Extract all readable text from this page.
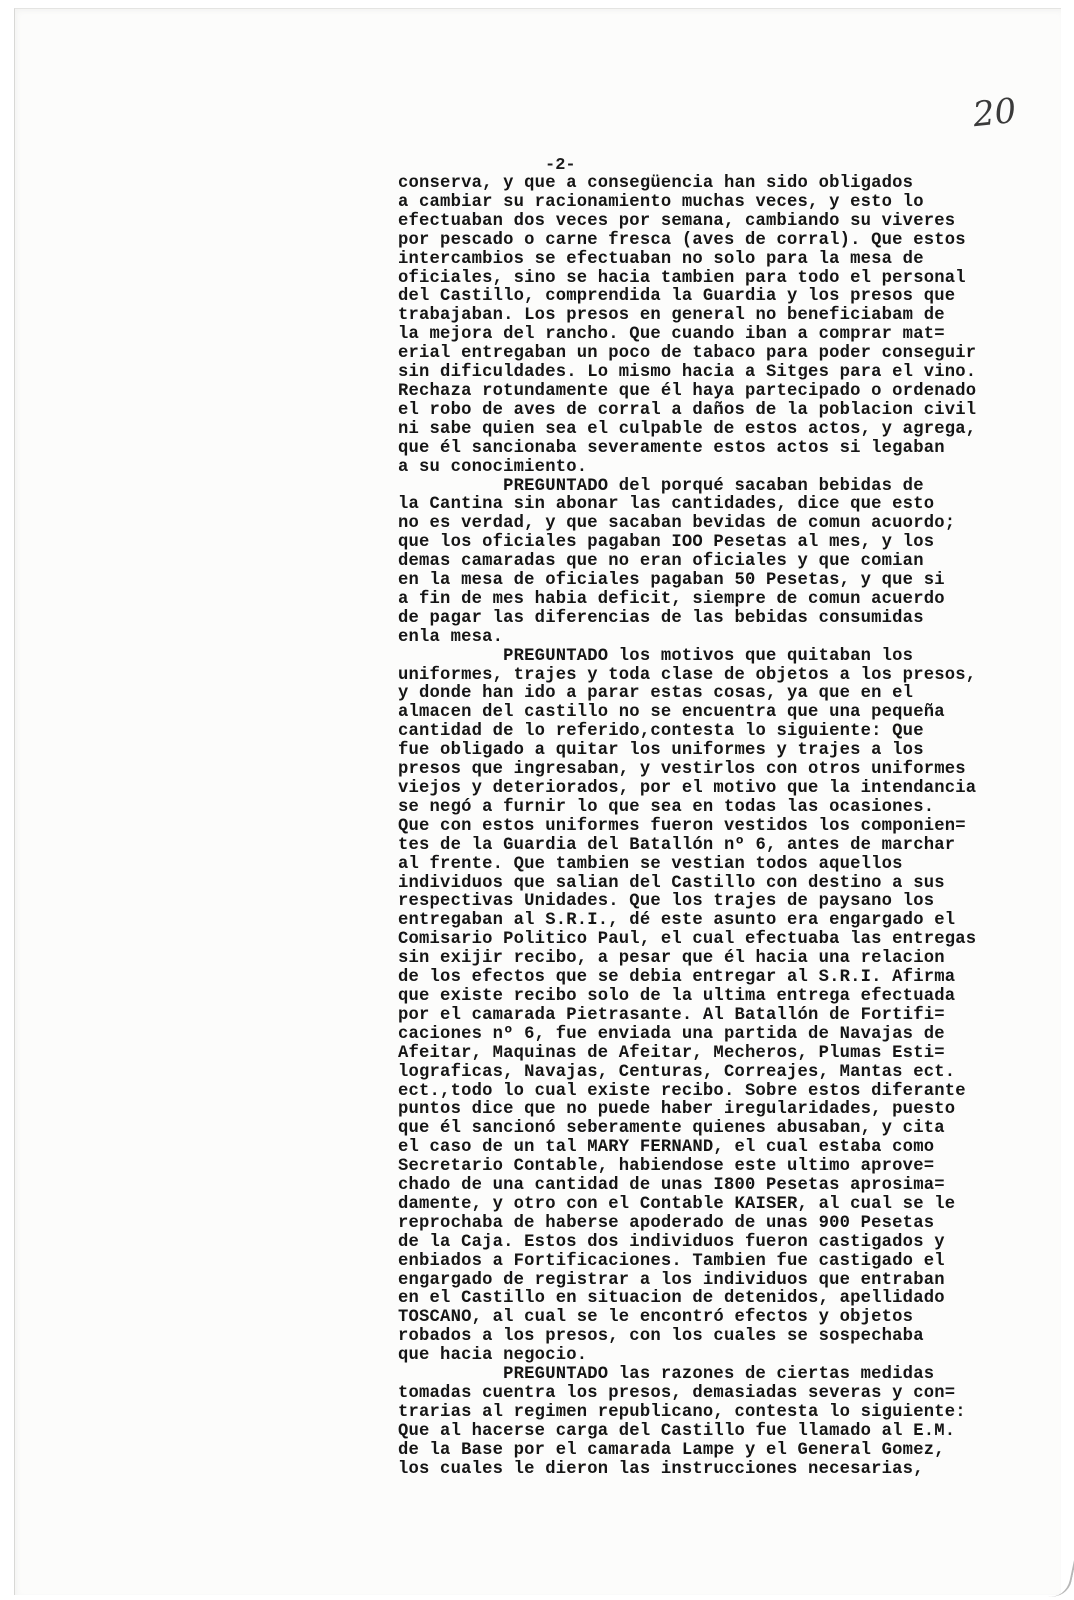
20
-2-
conserva, y que a consegüencia han sido obligados
a cambiar su racionamiento muchas veces, y esto lo
efectuaban dos veces por semana, cambiando su viveres
por pescado o carne fresca (aves de corral). Que estos
intercambios se efectuaban no solo para la mesa de
oficiales, sino se hacia tambien para todo el personal
del Castillo, comprendida la Guardia y los presos que
trabajaban. Los presos en general no beneficiabam de
la mejora del rancho. Que cuando iban a comprar mat=
erial entregaban un poco de tabaco para poder conseguir
sin dificuldades. Lo mismo hacia a Sitges para el vino.
Rechaza rotundamente que él haya partecipado o ordenado
el robo de aves de corral a daños de la poblacion civil
ni sabe quien sea el culpable de estos actos, y agrega,
que él sancionaba severamente estos actos si legaban
a su conocimiento.
PREGUNTADO del porqué sacaban bebidas de
la Cantina sin abonar las cantidades, dice que esto
no es verdad, y que sacaban bevidas de comun acuordo;
que los oficiales pagaban IOO Pesetas al mes, y los
demas camaradas que no eran oficiales y que comian
en la mesa de oficiales pagaban 50 Pesetas, y que si
a fin de mes habia deficit, siempre de comun acuerdo
de pagar las diferencias de las bebidas consumidas
enla mesa.
PREGUNTADO los motivos que quitaban los
uniformes, trajes y toda clase de objetos a los presos,
y donde han ido a parar estas cosas, ya que en el
almacen del castillo no se encuentra que una pequeña
cantidad de lo referido,contesta lo siguiente: Que
fue obligado a quitar los uniformes y trajes a los
presos que ingresaban, y vestirlos con otros uniformes
viejos y deteriorados, por el motivo que la intendancia
se negó a furnir lo que sea en todas las ocasiones.
Que con estos uniformes fueron vestidos los componien=
tes de la Guardia del Batallón nº 6, antes de marchar
al frente. Que tambien se vestian todos aquellos
individuos que salian del Castillo con destino a sus
respectivas Unidades. Que los trajes de paysano los
entregaban al S.R.I., dé este asunto era engargado el
Comisario Politico Paul, el cual efectuaba las entregas
sin exijir recibo, a pesar que él hacia una relacion
de los efectos que se debia entregar al S.R.I. Afirma
que existe recibo solo de la ultima entrega efectuada
por el camarada Pietrasante. Al Batallón de Fortifi=
caciones nº 6, fue enviada una partida de Navajas de
Afeitar, Maquinas de Afeitar, Mecheros, Plumas Esti=
lograficas, Navajas, Centuras, Correajes, Mantas ect.
ect.,todo lo cual existe recibo. Sobre estos diferante
puntos dice que no puede haber iregularidades, puesto
que él sancionó seberamente quienes abusaban, y cita
el caso de un tal MARY FERNAND, el cual estaba como
Secretario Contable, habiendose este ultimo aprove=
chado de una cantidad de unas I800 Pesetas aprosima=
damente, y otro con el Contable KAISER, al cual se le
reprochaba de haberse apoderado de unas 900 Pesetas
de la Caja. Estos dos individuos fueron castigados y
enbiados a Fortificaciones. Tambien fue castigado el
engargado de registrar a los individuos que entraban
en el Castillo en situacion de detenidos, apellidado
TOSCANO, al cual se le encontró efectos y objetos
robados a los presos, con los cuales se sospechaba
que hacia negocio.
PREGUNTADO las razones de ciertas medidas
tomadas cuentra los presos, demasiadas severas y con=
trarias al regimen republicano, contesta lo siguiente:
Que al hacerse carga del Castillo fue llamado al E.M.
de la Base por el camarada Lampe y el General Gomez,
los cuales le dieron las instrucciones necesarias,
